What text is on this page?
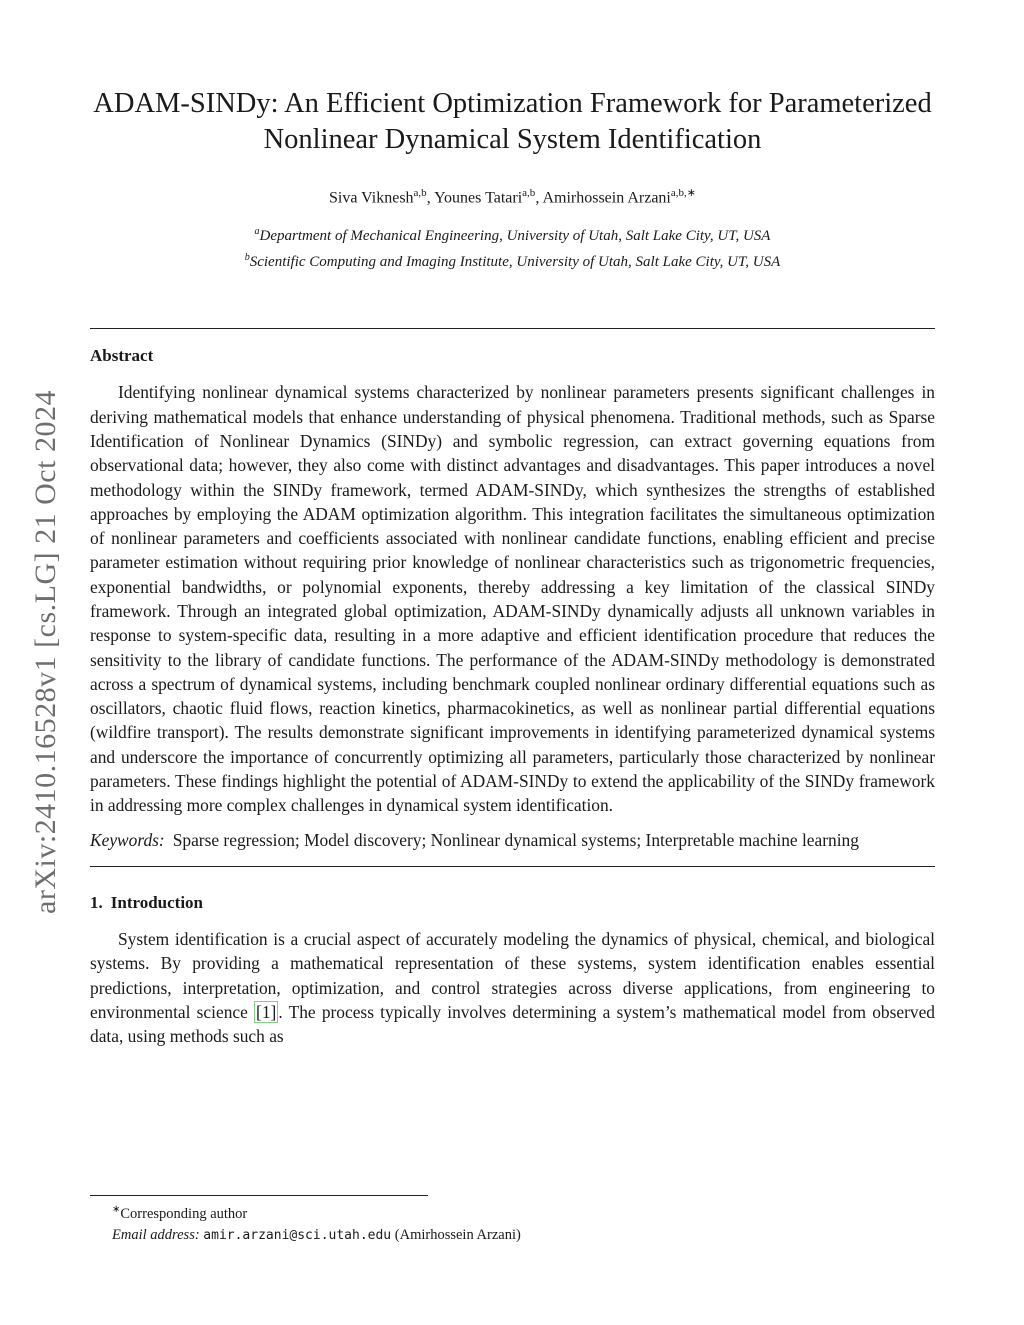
arXiv:2410.16528v1 [cs.LG] 21 Oct 2024
ADAM-SINDy: An Efficient Optimization Framework for Parameterized
Nonlinear Dynamical System Identification
Siva Viknesh$^{a,b}$, Younes Tatari$^{a,b}$, Amirhossein Arzani$^{a,b,∗}$
$^a$Department of Mechanical Engineering, University of Utah, Salt Lake City, UT, USA
$^b$Scientific Computing and Imaging Institute, University of Utah, Salt Lake City, UT, USA
Abstract

Identifying nonlinear dynamical systems characterized by nonlinear parameters presents significant challenges in deriving mathematical models that enhance understanding of physical phenomena. Traditional methods, such as Sparse Identification of Nonlinear Dynamics (SINDy) and symbolic regression, can extract governing equations from observational data; however, they also come with distinct advantages and disadvantages. This paper introduces a novel methodology within the SINDy framework, termed ADAM-SINDy, which synthesizes the strengths of established approaches by employing the ADAM optimization algorithm. This integration facilitates the simultaneous optimization of nonlinear parameters and coefficients associated with nonlinear candidate functions, enabling efficient and precise parameter estimation without requiring prior knowledge of nonlinear characteristics such as trigonometric frequencies, exponential bandwidths, or polynomial exponents, thereby addressing a key limitation of the classical SINDy framework. Through an integrated global optimization, ADAM-SINDy dynamically adjusts all unknown variables in response to system-specific data, resulting in a more adaptive and efficient identification procedure that reduces the sensitivity to the library of candidate functions. The performance of the ADAM-SINDy methodology is demonstrated across a spectrum of dynamical systems, including benchmark coupled nonlinear ordinary differential equations such as oscillators, chaotic fluid flows, reaction kinetics, pharmacokinetics, as well as nonlinear partial differential equations (wildfire transport). The results demonstrate significant improvements in identifying parameterized dynamical systems and underscore the importance of concurrently optimizing all parameters, particularly those characterized by nonlinear parameters. These findings highlight the potential of ADAM-SINDy to extend the applicability of the SINDy framework in addressing more complex challenges in dynamical system identification.

Keywords: Sparse regression; Model discovery; Nonlinear dynamical systems; Interpretable machine learning
1. Introduction

System identification is a crucial aspect of accurately modeling the dynamics of physical, chemical, and biological systems. By providing a mathematical representation of these systems, system identification enables essential predictions, interpretation, optimization, and control strategies across diverse applications, from engineering to environmental science [1] . The process typically involves determining a system’s mathematical model from observed data, using methods such as

∗Corresponding author
Email address: amir.arzani@sci.utah.edu (Amirhossein Arzani)
